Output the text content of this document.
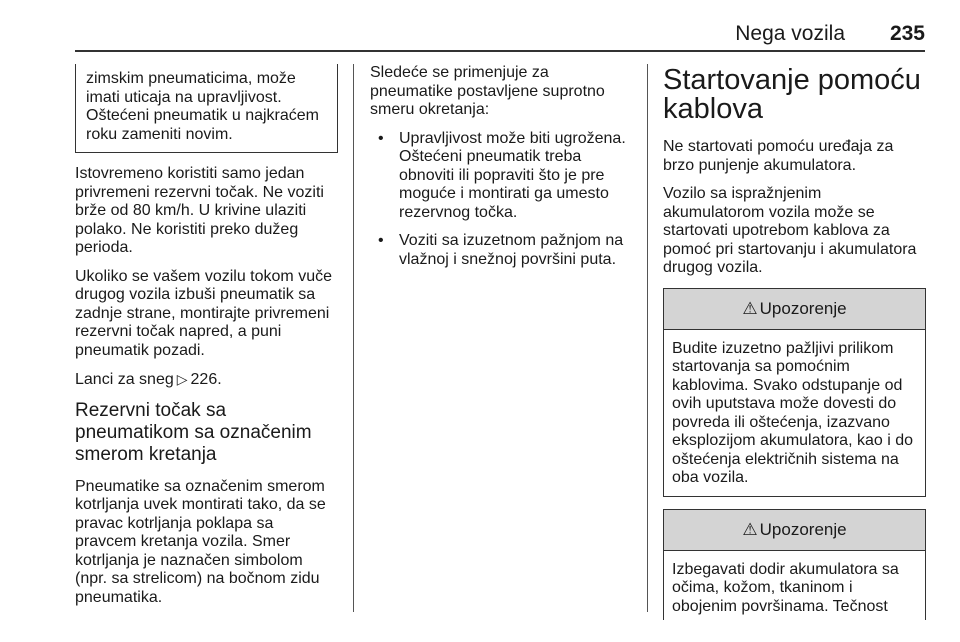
Nega vozila 235

zimskim pneumaticima, može imati uticaja na upravljivost. Oštećeni pneumatik u najkraćem roku zameniti novim.

Istovremeno koristiti samo jedan privremeni rezervni točak. Ne voziti brže od 80 km/h. U krivine ulaziti polako. Ne koristiti preko dužeg perioda.

Ukoliko se vašem vozilu tokom vuče drugog vozila izbuši pneumatik sa zadnje strane, montirajte privremeni rezervni točak napred, a puni pneumatik pozadi.

Lanci za sneg ▷ 226.

Rezervni točak sa pneumatikom sa označenim smerom kretanja

Pneumatike sa označenim smerom kotrljanja uvek montirati tako, da se pravac kotrljanja poklapa sa pravcem kretanja vozila. Smer kotrljanja je naznačen simbolom (npr. sa strelicom) na bočnom zidu pneumatika.

Sledeće se primenjuje za pneumatike postavljene suprotno smeru okretanja:

• Upravljivost može biti ugrožena. Oštećeni pneumatik treba obnoviti ili popraviti što je pre moguće i montirati ga umesto rezervnog točka.
• Voziti sa izuzetnom pažnjom na vlažnoj i snežnoj površini puta.
Startovanje pomoću kablova

Ne startovati pomoću uređaja za brzo punjenje akumulatora.

Vozilo sa ispražnjenim akumulatorom vozila može se startovati upotrebom kablova za pomoć pri startovanju i akumulatora drugog vozila.

⚠ Upozorenje

Budite izuzetno pažljivi prilikom startovanja sa pomoćnim kablovima. Svako odstupanje od ovih uputstava može dovesti do povreda ili oštećenja, izazvano eksplozijom akumulatora, kao i do oštećenja električnih sistema na oba vozila.

⚠ Upozorenje

Izbegavati dodir akumulatora sa očima, kožom, tkaninom i obojenim površinama. Tečnost
